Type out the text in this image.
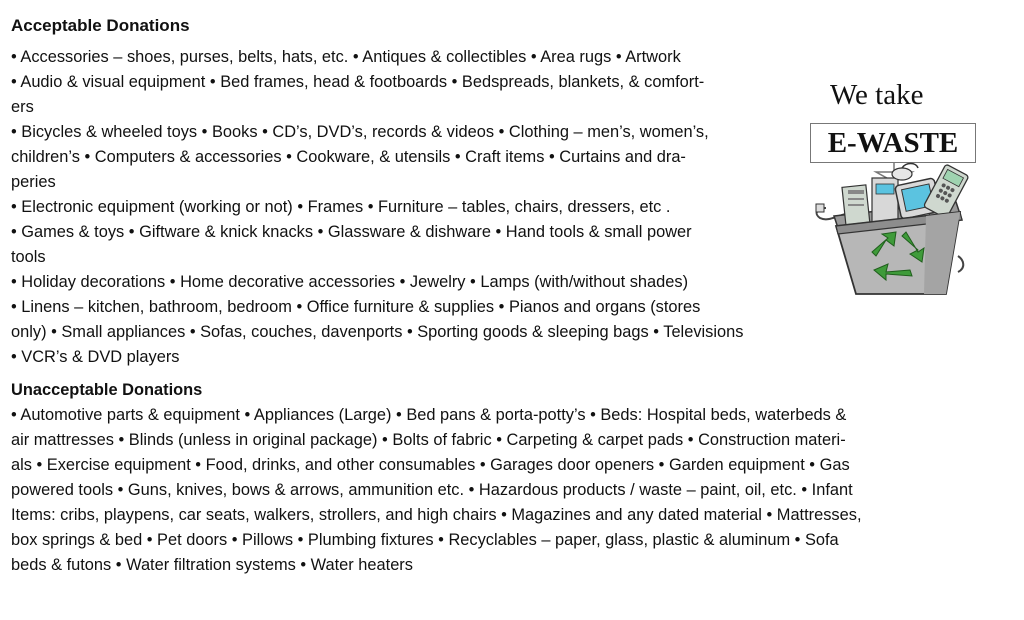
Acceptable Donations

• Accessories – shoes, purses, belts, hats, etc. • Antiques & collectibles • Area rugs • Artwork

• Audio & visual equipment • Bed frames, head & footboards • Bedspreads, blankets, & comfort-

ers

• Bicycles & wheeled toys • Books • CD’s, DVD’s, records & videos • Clothing – men’s, women’s,

children’s • Computers & accessories • Cookware, & utensils • Craft items • Curtains and dra-

peries

• Electronic equipment (working or not) • Frames • Furniture – tables, chairs, dressers, etc .

• Games & toys • Giftware & knick knacks • Glassware & dishware • Hand tools & small power

tools

• Holiday decorations • Home decorative accessories • Jewelry • Lamps (with/without shades)

• Linens – kitchen, bathroom, bedroom • Office furniture & supplies • Pianos and organs (stores

only) • Small appliances • Sofas, couches, davenports • Sporting goods & sleeping bags • Televisions

• VCR’s & DVD players

Unacceptable Donations

• Automotive parts & equipment • Appliances (Large) • Bed pans & porta-potty’s • Beds: Hospital beds, waterbeds &

air mattresses • Blinds (unless in original package) • Bolts of fabric • Carpeting & carpet pads • Construction materi-

als • Exercise equipment • Food, drinks, and other consumables • Garages door openers • Garden equipment • Gas

powered tools • Guns, knives, bows & arrows, ammunition etc. • Hazardous products / waste – paint, oil, etc. • Infant

Items: cribs, playpens, car seats, walkers, strollers, and high chairs • Magazines and any dated material • Mattresses,

box springs & bed • Pet doors • Pillows • Plumbing fixtures • Recyclables – paper, glass, plastic & aluminum • Sofa

beds & futons • Water filtration systems • Water heaters

We take
E-WASTE
